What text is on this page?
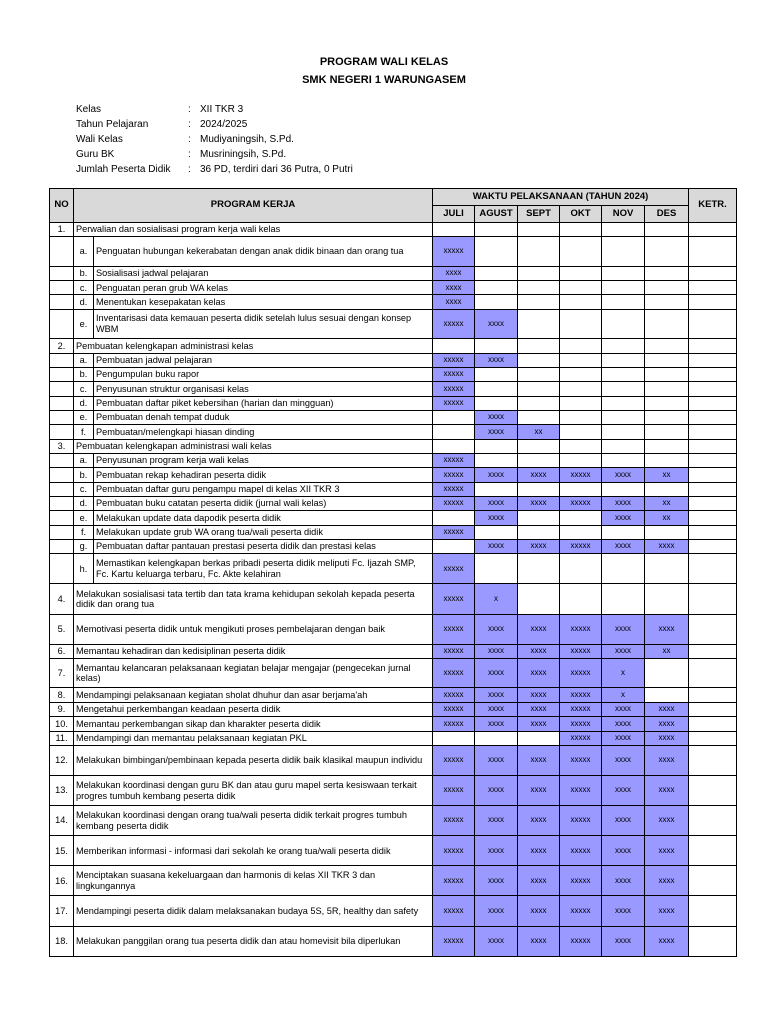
PROGRAM WALI KELAS
SMK NEGERI 1 WARUNGASEM
Kelas	: XII TKR 3
Tahun Pelajaran	: 2024/2025
Wali Kelas	: Mudiyaningsih, S.Pd.
Guru BK	: Musriningsih, S.Pd.
Jumlah Peserta Didik : 36 PD, terdiri dari 36 Putra, 0 Putri
NO	PROGRAM KERJA		WAKTU PELAKSANAAN (TAHUN 2024)						KETR.
			JULI	AGUST	SEPT	OKT	NOV	DES	
1.	Perwalian dan sosialisasi program kerja wali kelas								
	a.	Penguatan hubungan kekerabatan dengan anak didik binaan dan orang tua	xxxxx						
	b.	Sosialisasi jadwal pelajaran	xxxx						
	c.	Penguatan peran grub WA kelas	xxxx						
	d.	Menentukan kesepakatan kelas	xxxx						
	e.	Inventarisasi data kemauan peserta didik setelah lulus sesuai dengan konsep WBM	xxxxx	xxxx					
2.	Pembuatan kelengkapan administrasi kelas								
	a.	Pembuatan jadwal pelajaran	xxxxx	xxxx					
	b.	Pengumpulan buku rapor	xxxxx						
	c.	Penyusunan struktur organisasi kelas	xxxxx						
	d.	Pembuatan daftar piket kebersihan (harian dan mingguan)	xxxxx						
	e.	Pembuatan denah tempat duduk		xxxx					
	f.	Pembuatan/melengkapi hiasan dinding		xxxx	xx				
3.	Pembuatan kelengkapan administrasi wali kelas								
	a.	Penyusunan program kerja wali kelas	xxxxx						
	b.	Pembuatan rekap kehadiran peserta didik	xxxxx	xxxx	xxxx	xxxxx	xxxx	xx	
	c.	Pembuatan daftar guru pengampu mapel di kelas XII TKR 3	xxxxx						
	d.	Pembuatan buku catatan peserta didik (jurnal wali kelas)	xxxxx	xxxx	xxxx	xxxxx	xxxx	xx	
	e.	Melakukan update data dapodik peserta didik		xxxx			xxxx	xx	
	f.	Melakukan update grub WA orang tua/wali peserta didik	xxxxx						
	g.	Pembuatan daftar pantauan prestasi peserta didik dan prestasi kelas		xxxx	xxxx	xxxxx	xxxx	xxxx	
	h.	Memastikan kelengkapan berkas pribadi peserta didik meliputi Fc. Ijazah SMP, Fc. Kartu keluarga terbaru, Fc. Akte kelahiran	xxxxx						
4.	Melakukan sosialisasi tata tertib dan tata krama kehidupan sekolah kepada peserta didik dan orang tua		xxxxx	x					
5.	Memotivasi peserta didik untuk mengikuti proses pembelajaran dengan baik		xxxxx	xxxx	xxxx	xxxxx	xxxx	xxxx	
6.	Memantau kehadiran dan kedisiplinan peserta didik		xxxxx	xxxx	xxxx	xxxxx	xxxx	xx	
7.	Memantau kelancaran pelaksanaan kegiatan belajar mengajar (pengecekan jurnal kelas)		xxxxx	xxxx	xxxx	xxxxx	x		
8.	Mendampingi pelaksanaan kegiatan sholat dhuhur dan asar berjama'ah		xxxxx	xxxx	xxxx	xxxxx	x		
9.	Mengetahui perkembangan keadaan peserta didik		xxxxx	xxxx	xxxx	xxxxx	xxxx	xxxx	
10.	Memantau perkembangan sikap dan kharakter peserta didik		xxxxx	xxxx	xxxx	xxxxx	xxxx	xxxx	
11.	Mendampingi dan memantau pelaksanaan kegiatan PKL					xxxxx	xxxx	xxxx	
12.	Melakukan bimbingan/pembinaan kepada peserta didik baik klasikal maupun individu		xxxxx	xxxx	xxxx	xxxxx	xxxx	xxxx	
13.	Melakukan koordinasi dengan guru BK dan atau guru mapel serta kesiswaan terkait progres tumbuh kembang peserta didik		xxxxx	xxxx	xxxx	xxxxx	xxxx	xxxx	
14.	Melakukan koordinasi dengan orang tua/wali peserta didik terkait progres tumbuh kembang peserta didik		xxxxx	xxxx	xxxx	xxxxx	xxxx	xxxx	
15.	Memberikan informasi - informasi dari sekolah ke orang tua/wali peserta didik		xxxxx	xxxx	xxxx	xxxxx	xxxx	xxxx	
16.	Menciptakan suasana kekeluargaan dan harmonis di kelas XII TKR 3 dan lingkungannya		xxxxx	xxxx	xxxx	xxxxx	xxxx	xxxx	
17.	Mendampingi peserta didik dalam melaksanakan budaya 5S, 5R, healthy dan safety		xxxxx	xxxx	xxxx	xxxxx	xxxx	xxxx	
18.	Melakukan panggilan orang tua peserta didik dan atau homevisit bila diperlukan		xxxxx	xxxx	xxxx	xxxxx	xxxx	xxxx	
